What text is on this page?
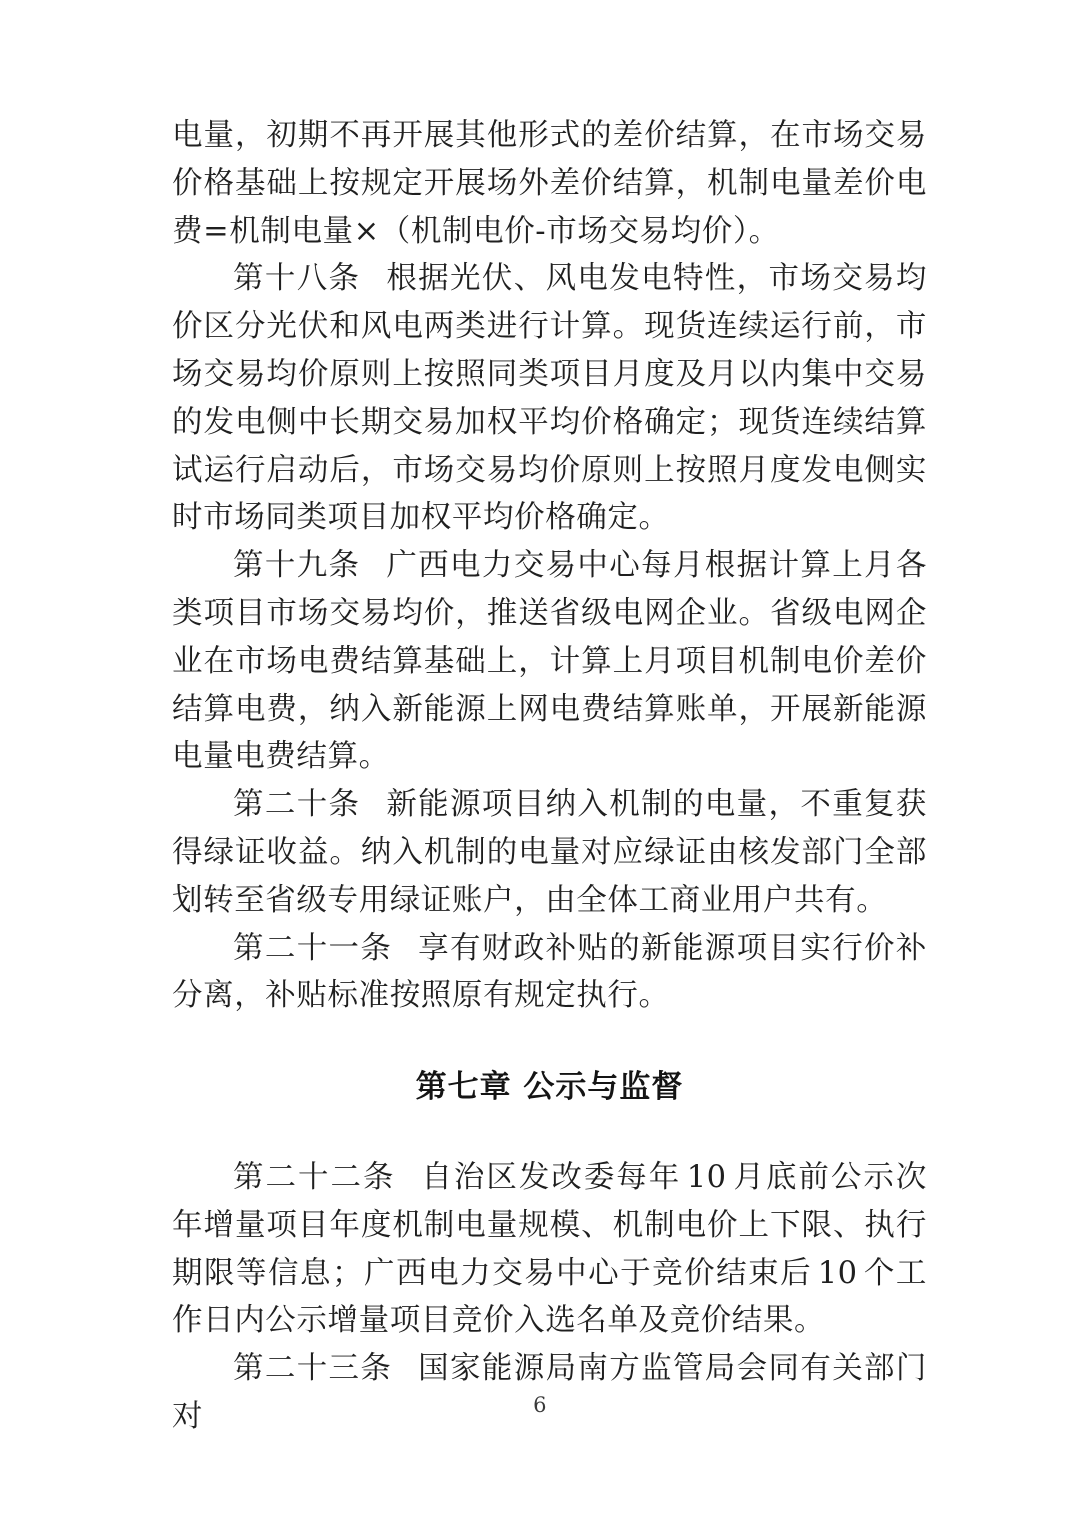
电量，初期不再开展其他形式的差价结算，在市场交易价格基础上按规定开展场外差价结算，机制电量差价电费=机制电量×（机制电价-市场交易均价）。

第十八条 根据光伏、风电发电特性，市场交易均价区分光伏和风电两类进行计算。现货连续运行前，市场交易均价原则上按照同类项目月度及月以内集中交易的发电侧中长期交易加权平均价格确定；现货连续结算试运行启动后，市场交易均价原则上按照月度发电侧实时市场同类项目加权平均价格确定。

第十九条 广西电力交易中心每月根据计算上月各类项目市场交易均价，推送省级电网企业。省级电网企业在市场电费结算基础上，计算上月项目机制电价差价结算电费，纳入新能源上网电费结算账单，开展新能源电量电费结算。

第二十条 新能源项目纳入机制的电量，不重复获得绿证收益。纳入机制的电量对应绿证由核发部门全部划转至省级专用绿证账户，由全体工商业用户共有。

第二十一条 享有财政补贴的新能源项目实行价补分离，补贴标准按照原有规定执行。

第七章 公示与监督

第二十二条 自治区发改委每年 10 月底前公示次年增量项目年度机制电量规模、机制电价上下限、执行期限等信息；广西电力交易中心于竞价结束后 10 个工作日内公示增量项目竞价入选名单及竞价结果。

第二十三条 国家能源局南方监管局会同有关部门对	6
